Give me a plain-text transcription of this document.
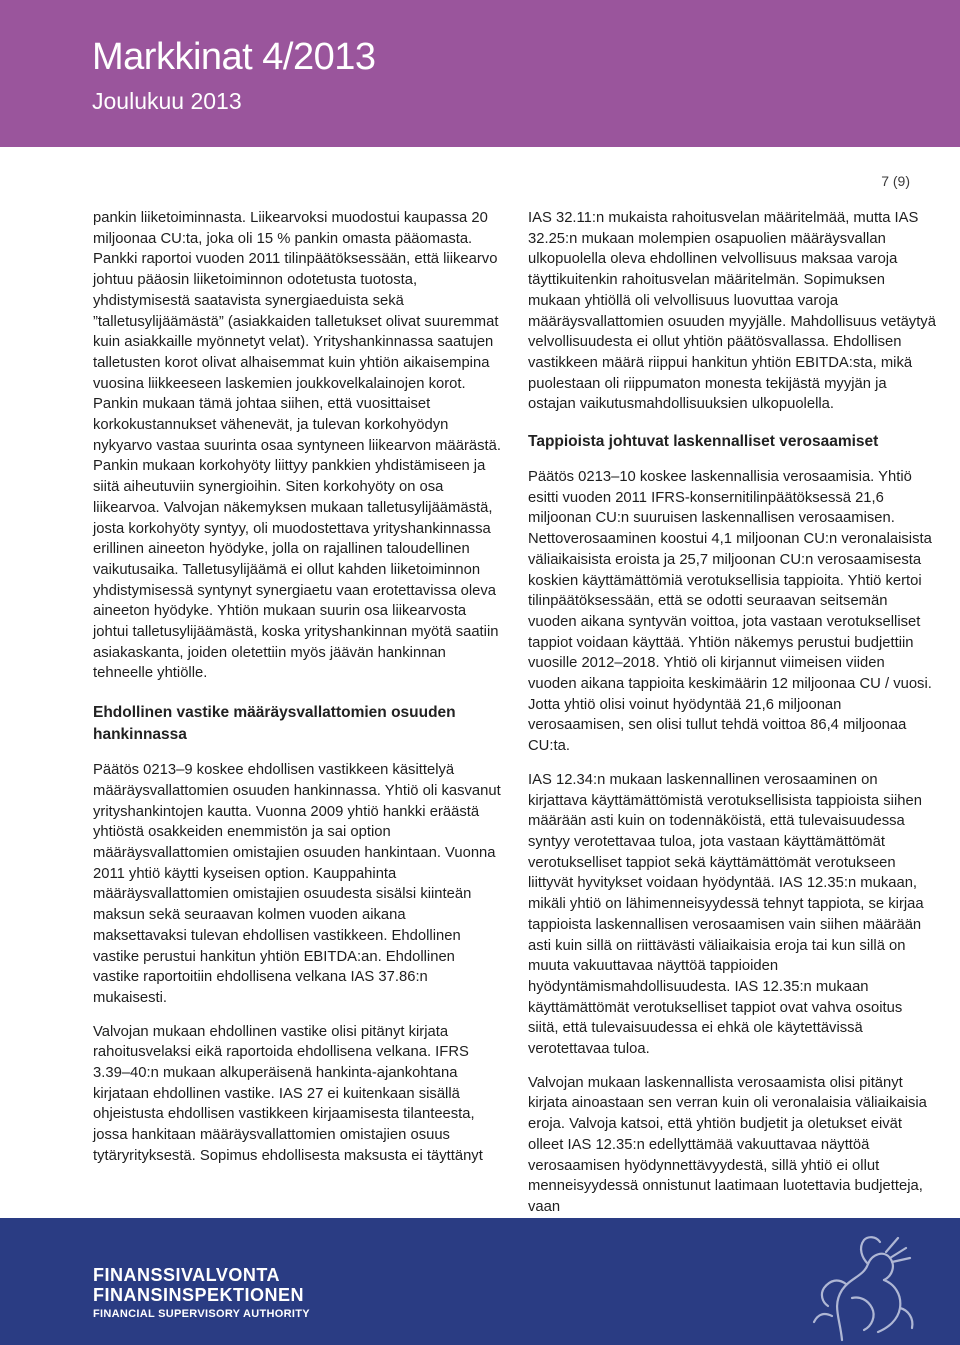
Markkinat 4/2013
Joulukuu 2013
7 (9)

pankin liiketoiminnasta. Liikearvoksi muodostui kaupassa 20 miljoonaa CU:ta, joka oli 15 % pankin omasta pääomasta. Pankki raportoi vuoden 2011 tilinpäätöksessään, että liikearvo johtuu pääosin liiketoiminnon odotetusta tuotosta, yhdistymisestä saatavista synergiaeduista sekä ”talletusylijäämästä” (asiakkaiden talletukset olivat suuremmat kuin asiakkaille myönnetyt velat). Yrityshankinnassa saatujen talletusten korot olivat alhaisemmat kuin yhtiön aikaisempina vuosina liikkeeseen laskemien joukkovelkalainojen korot. Pankin mukaan tämä johtaa siihen, että vuosittaiset korkokustannukset vähenevät, ja tulevan korkohyödyn nykyarvo vastaa suurinta osaa syntyneen liikearvon määrästä. Pankin mukaan korkohyöty liittyy pankkien yhdistämiseen ja siitä aiheutuviin synergioihin. Siten korkohyöty on osa liikearvoa. Valvojan näkemyksen mukaan talletusylijäämästä, josta korkohyöty syntyy, oli muodostettava yrityshankinnassa erillinen aineeton hyödyke, jolla on rajallinen taloudellinen vaikutusaika. Talletusylijäämä ei ollut kahden liiketoiminnon yhdistymisessä syntynyt synergiaetu vaan erotettavissa oleva aineeton hyödyke. Yhtiön mukaan suurin osa liikearvosta johtui talletusylijäämästä, koska yrityshankinnan myötä saatiin asiakaskanta, joiden oletettiin myös jäävän hankinnan tehneelle yhtiölle.

Ehdollinen vastike määräysvallattomien osuuden hankinnassa

Päätös 0213–9 koskee ehdollisen vastikkeen käsittelyä määräysvallattomien osuuden hankinnassa. Yhtiö oli kasvanut yrityshankintojen kautta. Vuonna 2009 yhtiö hankki eräästä yhtiöstä osakkeiden enemmistön ja sai option määräysvallattomien omistajien osuuden hankintaan. Vuonna 2011 yhtiö käytti kyseisen option. Kauppahinta määräysvallattomien omistajien osuudesta sisälsi kiinteän maksun sekä seuraavan kolmen vuoden aikana maksettavaksi tulevan ehdollisen vastikkeen. Ehdollinen vastike perustui hankitun yhtiön EBITDA:an. Ehdollinen vastike raportoitiin ehdollisena velkana IAS 37.86:n mukaisesti.

Valvojan mukaan ehdollinen vastike olisi pitänyt kirjata rahoitusvelaksi eikä raportoida ehdollisena velkana. IFRS 3.39–40:n mukaan alkuperäisenä hankinta-ajankohtana kirjataan ehdollinen vastike. IAS 27 ei kuitenkaan sisällä ohjeistusta ehdollisen vastikkeen kirjaamisesta tilanteesta, jossa hankitaan määräysvallattomien omistajien osuus tytäryrityksestä. Sopimus ehdollisesta maksusta ei täyttänyt

IAS 32.11:n mukaista rahoitusvelan määritelmää, mutta IAS 32.25:n mukaan molempien osapuolien määräysvallan ulkopuolella oleva ehdollinen velvollisuus maksaa varoja täyttikuitenkin rahoitusvelan määritelmän. Sopimuksen mukaan yhtiöllä oli velvollisuus luovuttaa varoja määräysvallattomien osuuden myyjälle. Mahdollisuus vetäytyä velvollisuudesta ei ollut yhtiön päätösvallassa. Ehdollisen vastikkeen määrä riippui hankitun yhtiön EBITDA:sta, mikä puolestaan oli riippumaton monesta tekijästä myyjän ja ostajan vaikutusmahdollisuuksien ulkopuolella.

Tappioista johtuvat laskennalliset verosaamiset

Päätös 0213–10 koskee laskennallisia verosaamisia. Yhtiö esitti vuoden 2011 IFRS-konsernitilinpäätöksessä 21,6 miljoonan CU:n suuruisen laskennallisen verosaamisen. Nettoverosaaminen koostui 4,1 miljoonan CU:n veronalaisista väliaikaisista eroista ja 25,7 miljoonan CU:n verosaamisesta koskien käyttämättömiä verotuksellisia tappioita. Yhtiö kertoi tilinpäätöksessään, että se odotti seuraavan seitsemän vuoden aikana syntyvän voittoa, jota vastaan verotukselliset tappiot voidaan käyttää. Yhtiön näkemys perustui budjettiin vuosille 2012–2018. Yhtiö oli kirjannut viimeisen viiden vuoden aikana tappioita keskimäärin 12 miljoonaa CU / vuosi. Jotta yhtiö olisi voinut hyödyntää 21,6 miljoonan verosaamisen, sen olisi tullut tehdä voittoa 86,4 miljoonaa CU:ta.

IAS 12.34:n mukaan laskennallinen verosaaminen on kirjattava käyttämättömistä verotuksellisista tappioista siihen määrään asti kuin on todennäköistä, että tulevaisuudessa syntyy verotettavaa tuloa, jota vastaan käyttämättömät verotukselliset tappiot sekä käyttämättömät verotukseen liittyvät hyvitykset voidaan hyödyntää. IAS 12.35:n mukaan, mikäli yhtiö on lähimenneisyydessä tehnyt tappiota, se kirjaa tappioista laskennallisen verosaamisen vain siihen määrään asti kuin sillä on riittävästi väliaikaisia eroja tai kun sillä on muuta vakuuttavaa näyttöä tappioiden hyödyntämismahdollisuudesta. IAS 12.35:n mukaan käyttämättömät verotukselliset tappiot ovat vahva osoitus siitä, että tulevaisuudessa ei ehkä ole käytettävissä verotettavaa tuloa.

Valvojan mukaan laskennallista verosaamista olisi pitänyt kirjata ainoastaan sen verran kuin oli veronalaisia väliaikaisia eroja. Valvoja katsoi, että yhtiön budjetit ja oletukset eivät olleet IAS 12.35:n edellyttämää vakuuttavaa näyttöä verosaamisen hyödynnettävyydestä, sillä yhtiö ei ollut menneisyydessä onnistunut laatimaan luotettavia budjetteja, vaan

FINANSSIVALVONTA
FINANSINSPEKTIONEN
FINANCIAL SUPERVISORY AUTHORITY
